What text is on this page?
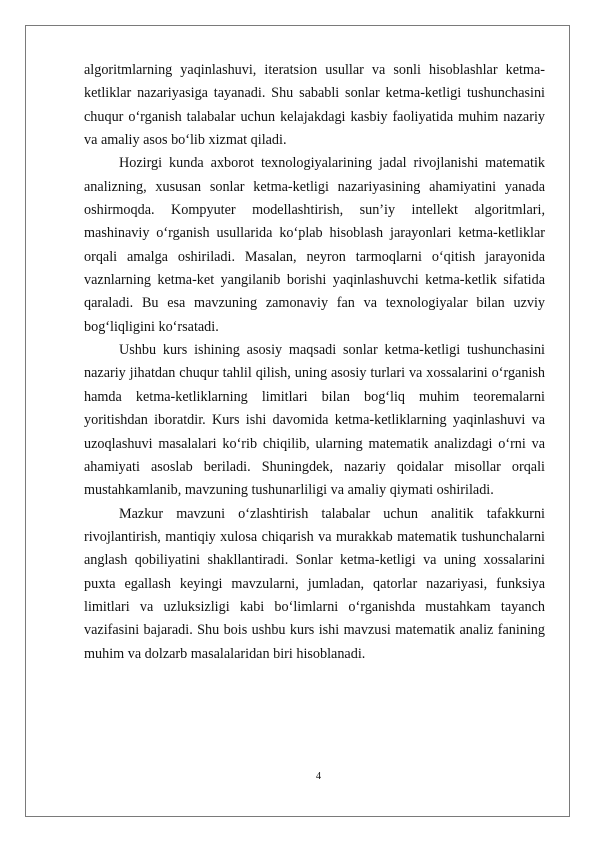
algoritmlarning yaqinlashuvi, iteratsion usullar va sonli hisoblashlar ketma-ketliklar nazariyasiga tayanadi. Shu sababli sonlar ketma-ketligi tushunchasini chuqur o‘rganish talabalar uchun kelajakdagi kasbiy faoliyatida muhim nazariy va amaliy asos bo‘lib xizmat qiladi.

Hozirgi kunda axborot texnologiyalarining jadal rivojlanishi matematik analizning, xususan sonlar ketma-ketligi nazariyasining ahamiyatini yanada oshirmoqda. Kompyuter modellashtirish, sun’iy intellekt algoritmlari, mashinaviy o‘rganish usullarida ko‘plab hisoblash jarayonlari ketma-ketliklar orqali amalga oshiriladi. Masalan, neyron tarmoqlarni o‘qitish jarayonida vaznlarning ketma-ket yangilanib borishi yaqinlashuvchi ketma-ketlik sifatida qaraladi. Bu esa mavzuning zamonaviy fan va texnologiyalar bilan uzviy bog‘liqligini ko‘rsatadi.

Ushbu kurs ishining asosiy maqsadi sonlar ketma-ketligi tushunchasini nazariy jihatdan chuqur tahlil qilish, uning asosiy turlari va xossalarini o‘rganish hamda ketma-ketliklarning limitlari bilan bog‘liq muhim teoremalarni yoritishdan iboratdir. Kurs ishi davomida ketma-ketliklarning yaqinlashuvi va uzoqlashuvi masalalari ko‘rib chiqilib, ularning matematik analizdagi o‘rni va ahamiyati asoslab beriladi. Shuningdek, nazariy qoidalar misollar orqali mustahkamlanib, mavzuning tushunarliligi va amaliy qiymati oshiriladi.

Mazkur mavzuni o‘zlashtirish talabalar uchun analitik tafakkurni rivojlantirish, mantiqiy xulosa chiqarish va murakkab matematik tushunchalarni anglash qobiliyatini shakllantiradi. Sonlar ketma-ketligi va uning xossalarini puxta egallash keyingi mavzularni, jumladan, qatorlar nazariyasi, funksiya limitlari va uzluksizligi kabi bo‘limlarni o‘rganishda mustahkam tayanch vazifasini bajaradi. Shu bois ushbu kurs ishi mavzusi matematik analiz fanining muhim va dolzarb masalalaridan biri hisoblanadi.

4
